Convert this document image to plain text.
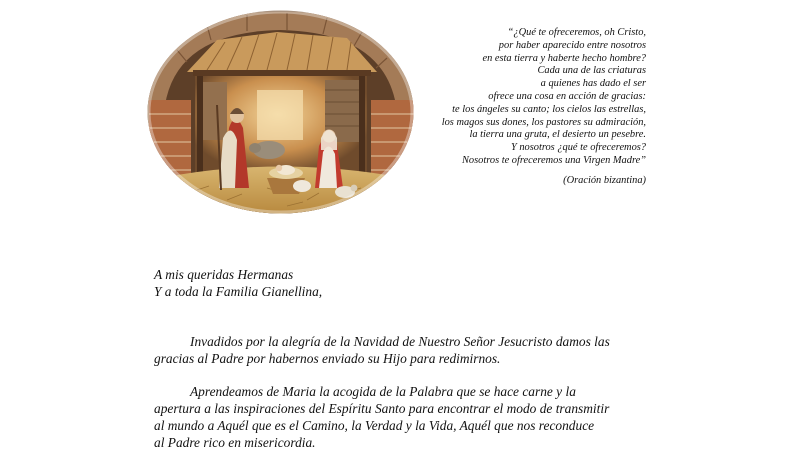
“¿Qué te ofreceremos, oh Cristo,
por haber aparecido entre nosotros
en esta tierra y haberte hecho hombre?
Cada una de las criaturas
a quienes has dado el ser
ofrece una cosa en acción de gracias:
te los ángeles su canto; los cielos las estrellas,
los magos sus dones, los pastores su admiración,
la tierra una gruta, el desierto un pesebre.
Y nosotros ¿qué te ofreceremos?
Nosotros te ofreceremos una Virgen Madre”
(Oración bizantina)
A mis queridas Hermanas
Y a toda la Familia Gianellina,
Invadidos por la alegría de la Navidad de Nuestro Señor Jesucristo damos las
gracias al Padre por habernos enviado su Hijo para redimirnos.
Aprendeamos de Maria la acogida de la Palabra que se hace carne y la
apertura a las inspiraciones del Espíritu Santo para encontrar el modo de transmitir
al mundo a Aquél que es el Camino, la Verdad y la Vida, Aquél que nos reconduce
al Padre rico en misericordia.
